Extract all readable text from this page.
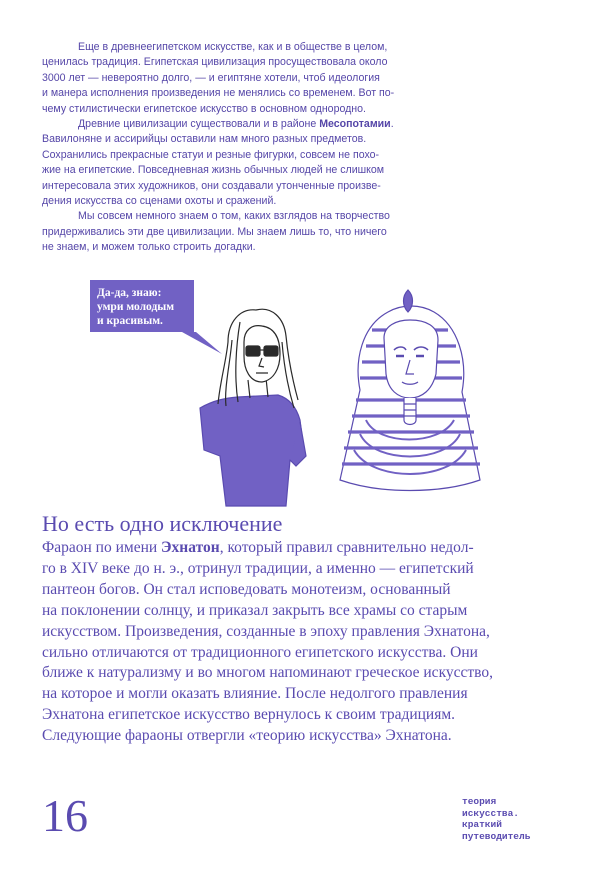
Еще в древнеегипетском искусстве, как и в обществе в целом,
ценилась традиция. Египетская цивилизация просуществовала около
3000 лет — невероятно долго, — и египтяне хотели, чтоб идеология
и манера исполнения произведения не менялись со временем. Вот по-
чему стилистически египетское искусство в основном однородно.

Древние цивилизации существовали и в районе Месопотамии.
Вавилоняне и ассирийцы оставили нам много разных предметов.
Сохранились прекрасные статуи и резные фигурки, совсем не похо-
жие на египетские. Повседневная жизнь обычных людей не слишком
интересовала этих художников, они создавали утонченные произве-
дения искусства со сценами охоты и сражений.

Мы совсем немного знаем о том, каких взглядов на творчество
придерживались эти две цивилизации. Мы знаем лишь то, что ничего
не знаем, и можем только строить догадки.

Да-да, знаю:
умри молодым
и красивым.
Но есть одно исключение
Фараон по имени Эхнатон, который правил сравнительно недол-
го в XIV веке до н. э., отринул традиции, а именно — египетский
пантеон богов. Он стал исповедовать монотеизм, основанный
на поклонении солнцу, и приказал закрыть все храмы со старым
искусством. Произведения, созданные в эпоху правления Эхнатона,
сильно отличаются от традиционного египетского искусства. Они
ближе к натурализму и во многом напоминают греческое искусство,
на которое и могли оказать влияние. После недолгого правления
Эхнатона египетское искусство вернулось к своим традициям.
Следующие фараоны отвергли «теорию искусства» Эхнатона.
16	теория
искусства.
краткий
путеводитель
